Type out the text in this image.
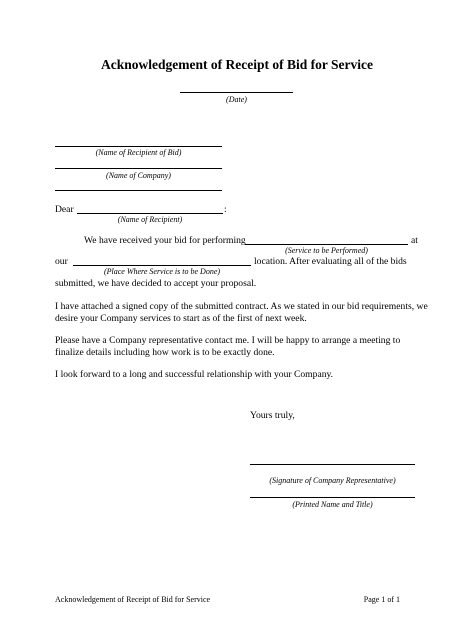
Acknowledgement of Receipt of Bid for Service
(Date)
(Name of Recipient of Bid)
(Name of Company)
Dear	:
(Name of Recipient)
We have received your bid for performing	at
(Service to be Performed)
our	location. After evaluating all of the bids
(Place Where Service is to be Done)
submitted, we have decided to accept your proposal.
I have attached a signed copy of the submitted contract. As we stated in our bid requirements, we
desire your Company services to start as of the first of next week.
Please have a Company representative contact me. I will be happy to arrange a meeting to
finalize details including how work is to be exactly done.
I look forward to a long and successful relationship with your Company.
Yours truly,
(Signature of Company Representative)
(Printed Name and Title)
Acknowledgement of Receipt of Bid for Service	Page 1 of 1
